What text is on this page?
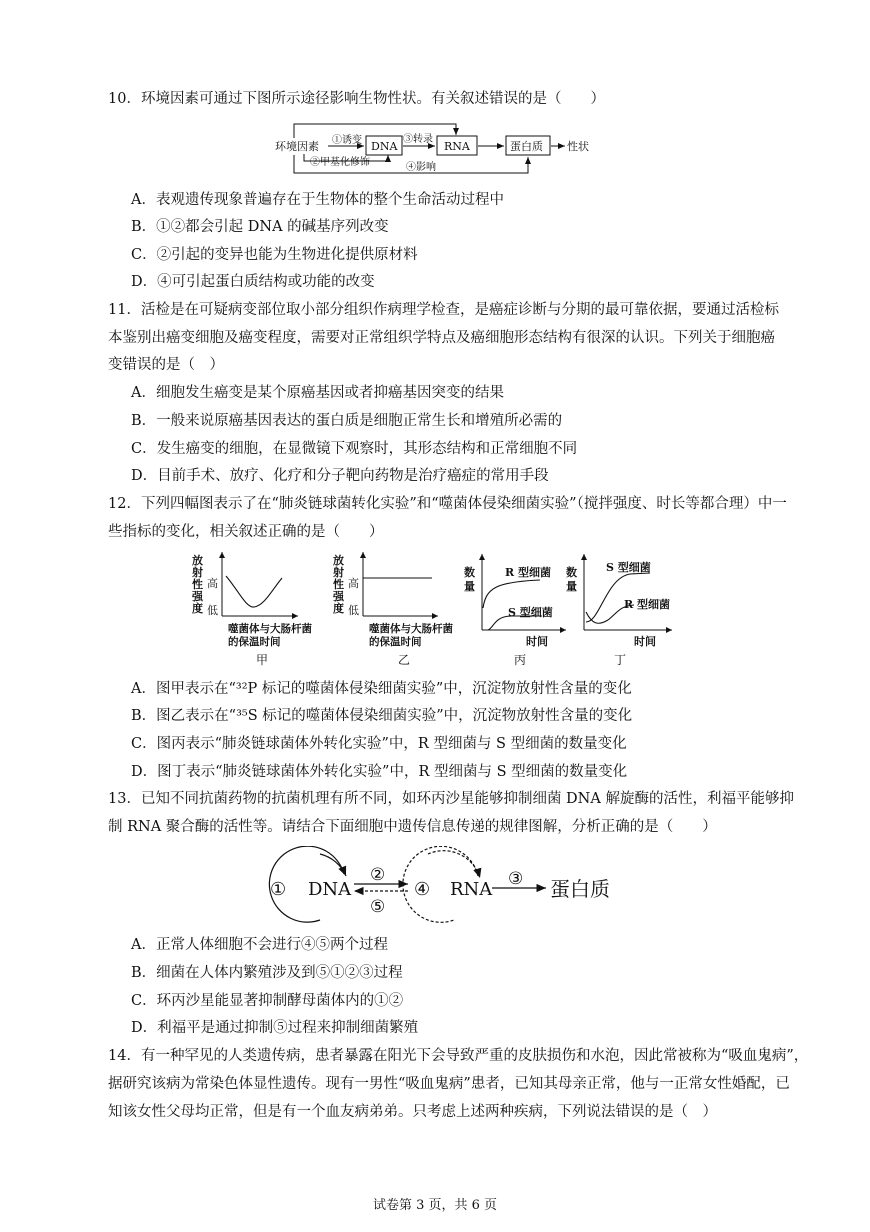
10．环境因素可通过下图所示途径影响生物性状。有关叙述错误的是（　　）
环境因素 ①诱变
②甲基化修饰
DNA
③转录
RNA	蛋白质 性状
④影响
A．表观遗传现象普遍存在于生物体的整个生命活动过程中
B．①②都会引起 DNA 的碱基序列改变
C．②引起的变异也能为生物进化提供原材料
D．④可引起蛋白质结构或功能的改变
11．活检是在可疑病变部位取小部分组织作病理学检查，是癌症诊断与分期的最可靠依据，要通过活检标
本鉴别出癌变细胞及癌变程度，需要对正常组织学特点及癌细胞形态结构有很深的认识。下列关于细胞癌
变错误的是（　）
A．细胞发生癌变是某个原癌基因或者抑癌基因突变的结果
B．一般来说原癌基因表达的蛋白质是细胞正常生长和增殖所必需的
C．发生癌变的细胞，在显微镜下观察时，其形态结构和正常细胞不同
D．目前手术、放疗、化疗和分子靶向药物是治疗癌症的常用手段
12．下列四幅图表示了在“肺炎链球菌转化实验”和“噬菌体侵染细菌实验”（搅拌强度、时长等都合理）中一
些指标的变化，相关叙述正确的是（　　）
放
射
性
强
度
高
低
噬菌体与大肠杆菌
的保温时间
甲
放
射
性
强
度
高
低
噬菌体与大肠杆菌
的保温时间
乙
数
量
R 型细菌
S 型细菌
时间
丙
数
量
S 型细菌
R 型细菌
时间
丁
A．图甲表示在“³²P 标记的噬菌体侵染细菌实验”中，沉淀物放射性含量的变化
B．图乙表示在“³⁵S 标记的噬菌体侵染细菌实验”中，沉淀物放射性含量的变化
C．图丙表示“肺炎链球菌体外转化实验”中，R 型细菌与 S 型细菌的数量变化
D．图丁表示“肺炎链球菌体外转化实验”中，R 型细菌与 S 型细菌的数量变化
13．已知不同抗菌药物的抗菌机理有所不同，如环丙沙星能够抑制细菌 DNA 解旋酶的活性，利福平能够抑
制 RNA 聚合酶的活性等。请结合下面细胞中遗传信息传递的规律图解，分析正确的是（　　）
① DNA
②
⑤
④ RNA ③ 蛋白质
A．正常人体细胞不会进行④⑤两个过程
B．细菌在人体内繁殖涉及到⑤①②③过程
C．环丙沙星能显著抑制酵母菌体内的①②
D．利福平是通过抑制⑤过程来抑制细菌繁殖
14．有一种罕见的人类遗传病，患者暴露在阳光下会导致严重的皮肤损伤和水泡，因此常被称为“吸血鬼病”，
据研究该病为常染色体显性遗传。现有一男性“吸血鬼病”患者，已知其母亲正常，他与一正常女性婚配，已
知该女性父母均正常，但是有一个血友病弟弟。只考虑上述两种疾病，下列说法错误的是（　）
试卷第 3 页，共 6 页
